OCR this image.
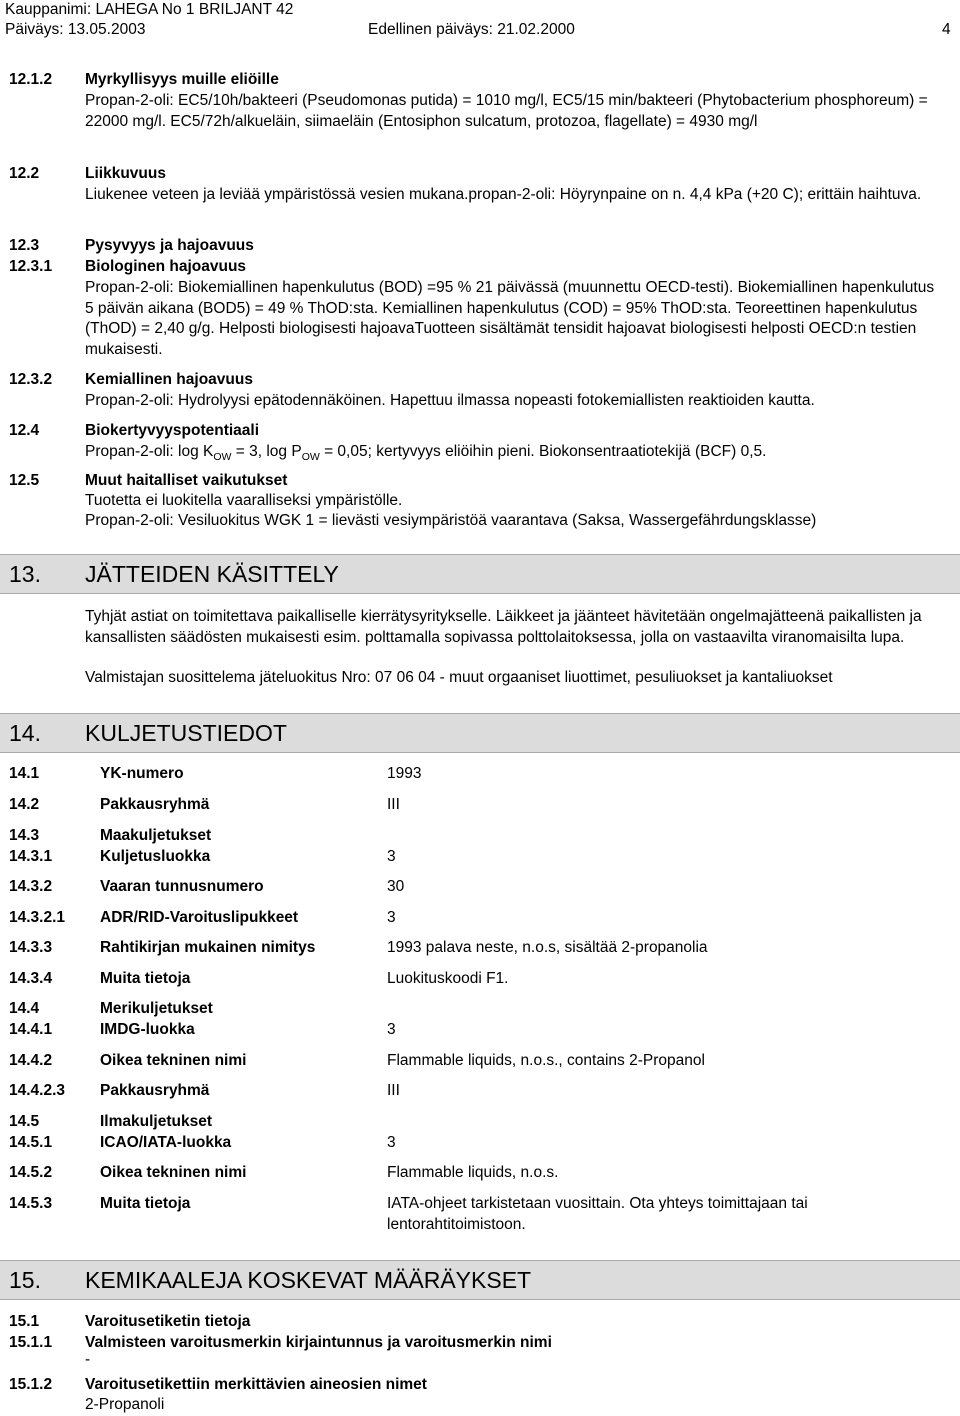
Kauppanimi: LAHEGA No 1 BRILJANT 42
Päiväys: 13.05.2003	Edellinen päiväys: 21.02.2000	4
12.1.2 Myrkyllisyys muille eliöille
Propan-2-oli: EC5/10h/bakteeri (Pseudomonas putida) = 1010 mg/l, EC5/15 min/bakteeri (Phytobacterium phosphoreum) = 22000 mg/l. EC5/72h/alkueläin, siimaeläin (Entosiphon sulcatum, protozoa, flagellate) = 4930 mg/l
12.2	Liikkuvuus
Liukenee veteen ja leviää ympäristössä vesien mukana.propan-2-oli: Höyrynpaine on n. 4,4 kPa (+20 C); erittäin haihtuva.
12.3	Pysyvyys ja hajoavuus
12.3.1 Biologinen hajoavuus
Propan-2-oli: Biokemiallinen hapenkulutus (BOD) =95 % 21 päivässä (muunnettu OECD-testi). Biokemiallinen hapenkulutus 5 päivän aikana (BOD5) = 49 % ThOD:sta. Kemiallinen hapenkulutus (COD) = 95% ThOD:sta. Teoreettinen hapenkulutus (ThOD) = 2,40 g/g. Helposti biologisesti hajoavaTuotteen sisältämät tensidit hajoavat biologisesti helposti OECD:n testien mukaisesti.
12.3.2 Kemiallinen hajoavuus
Propan-2-oli: Hydrolyysi epätodennäköinen. Hapettuu ilmassa nopeasti fotokemiallisten reaktioiden kautta.
12.4	Biokertyvyyspotentiaali
Propan-2-oli: $\log K_{OW} = 3$, $\log P_{OW} = 0,05$; kertyvyys eliöihin pieni. Biokonsentraatiotekijä (BCF) 0,5.
12.5	Muut haitalliset vaikutukset
Tuotetta ei luokitella vaaralliseksi ympäristölle.
Propan-2-oli: Vesiluokitus WGK 1 = lievästi vesiympäristöä vaarantava (Saksa, Wassergefährdungsklasse)
13. JÄTTEIDEN KÄSITTELY
Tyhjät astiat on toimitettava paikalliselle kierrätysyritykselle. Läikkeet ja jäänteet hävitetään ongelmajätteenä paikallisten ja kansallisten säädösten mukaisesti esim. polttamalla sopivassa polttolaitoksessa, jolla on vastaavilta viranomaisilta lupa.
Valmistajan suosittelema jäteluokitus Nro: 07 06 04 - muut orgaaniset liuottimet, pesuliuokset ja kantaliuokset
14. KULJETUSTIEDOT
14.1	YK-numero	1993
14.2	Pakkausryhmä	III
14.3	Maakuljetukset
14.3.1	Kuljetusluokka	3
14.3.2	Vaaran tunnusnumero	30
14.3.2.1 ADR/RID-Varoituslipukkeet	3
14.3.3	Rahtikirjan mukainen nimitys	1993 palava neste, n.o.s, sisältää 2-propanolia
14.3.4	Muita tietoja	Luokituskoodi F1.
14.4	Merikuljetukset
14.4.1	IMDG-luokka	3
14.4.2	Oikea tekninen nimi	Flammable liquids, n.o.s., contains 2-Propanol
14.4.2.3 Pakkausryhmä	III
14.5	Ilmakuljetukset
14.5.1	ICAO/IATA-luokka	3
14.5.2	Oikea tekninen nimi	Flammable liquids, n.o.s.
14.5.3	Muita tietoja	IATA-ohjeet tarkistetaan vuosittain. Ota yhteys toimittajaan tai lentorahtitoimistoon.
15. KEMIKAALEJA KOSKEVAT MÄÄRÄYKSET
15.1	Varoitusetiketin tietoja
15.1.1 Valmisteen varoitusmerkin kirjaintunnus ja varoitusmerkin nimi
-
15.1.2 Varoitusetikettiin merkittävien aineosien nimet
2-Propanoli
